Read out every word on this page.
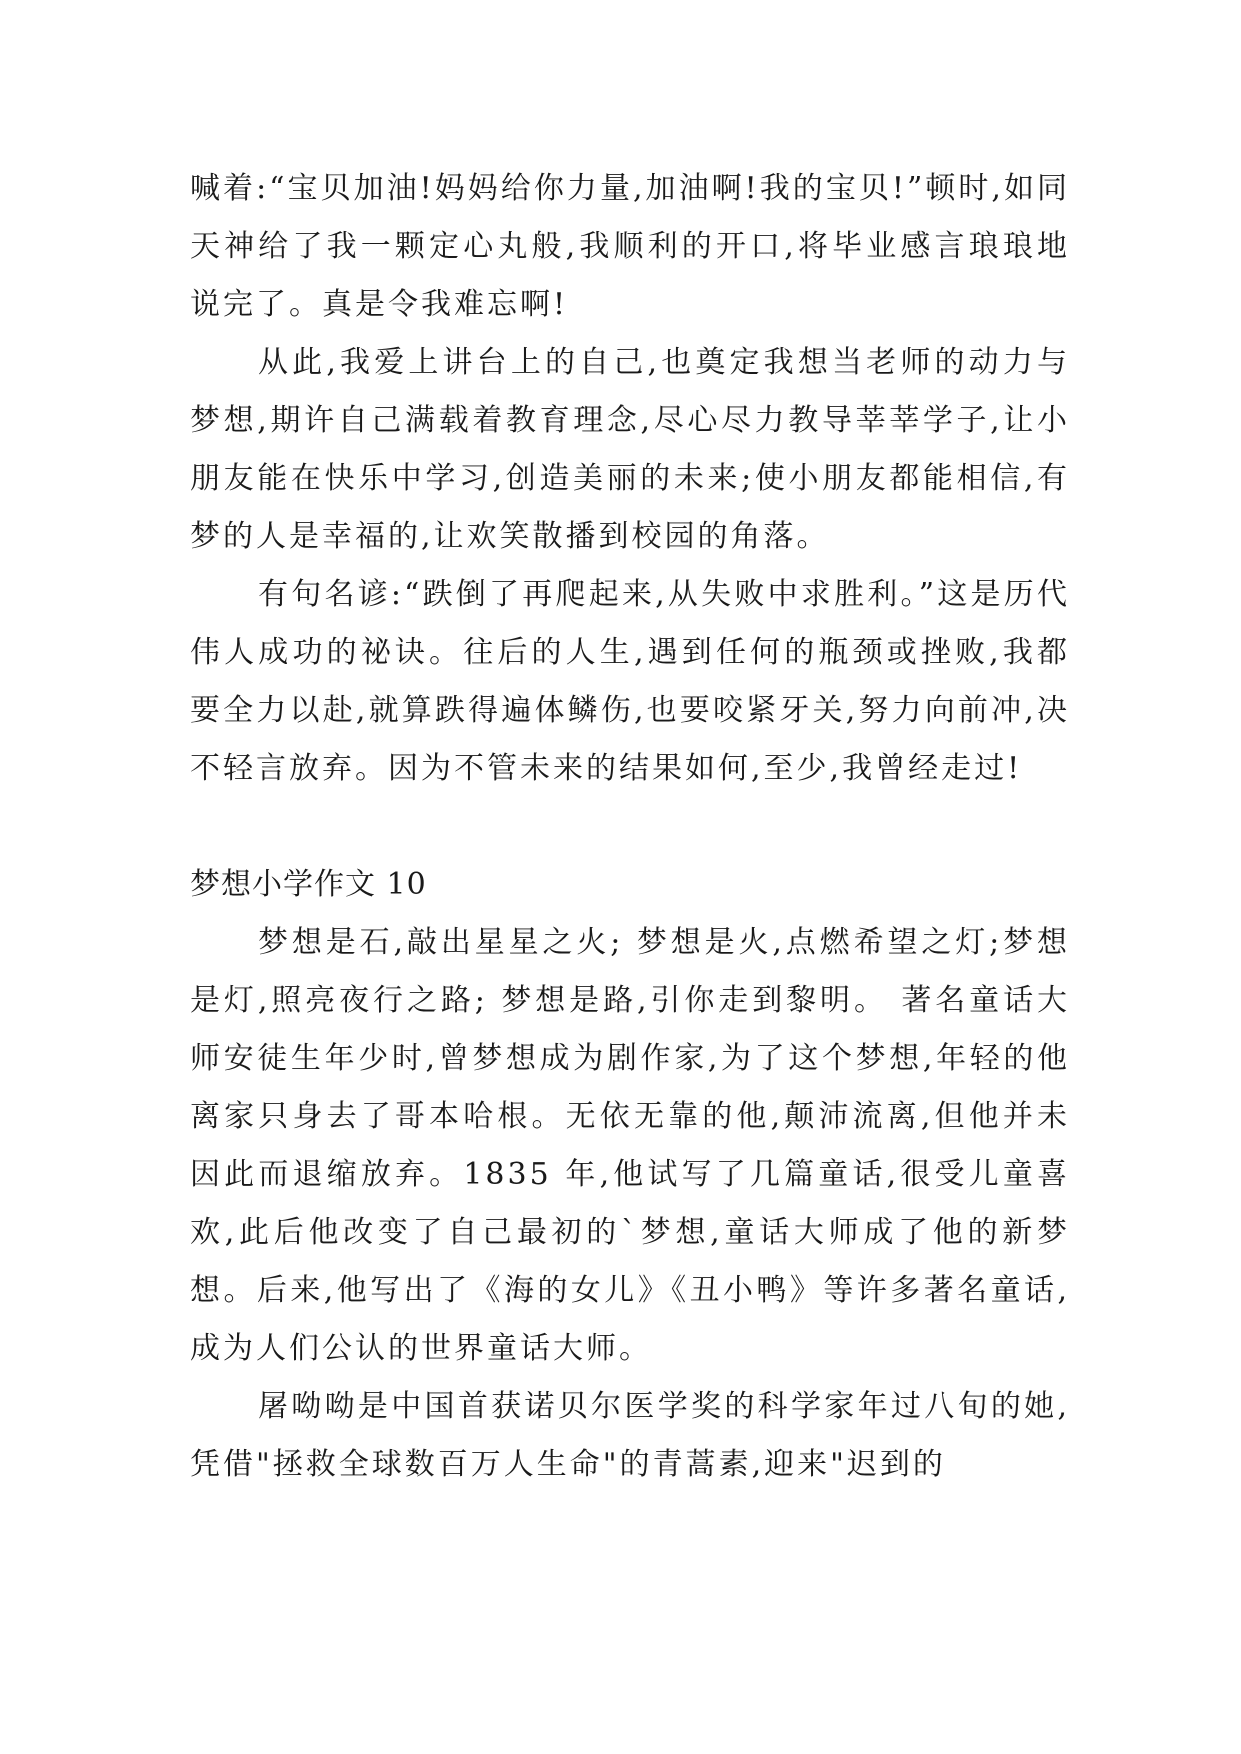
喊着:“宝贝加油!妈妈给你力量,加油啊!我的宝贝!”顿时,如同天神给了我一颗定心丸般,我顺利的开口,将毕业感言琅琅地说完了。真是令我难忘啊!

从此,我爱上讲台上的自己,也奠定我想当老师的动力与梦想,期许自己满载着教育理念,尽心尽力教导莘莘学子,让小朋友能在快乐中学习,创造美丽的未来;使小朋友都能相信,有梦的人是幸福的,让欢笑散播到校园的角落。

有句名谚:“跌倒了再爬起来,从失败中求胜利。”这是历代伟人成功的祕诀。往后的人生,遇到任何的瓶颈或挫败,我都要全力以赴,就算跌得遍体鳞伤,也要咬紧牙关,努力向前冲,决不轻言放弃。因为不管未来的结果如何,至少,我曾经走过!

梦想小学作文 10

梦想是石,敲出星星之火; 梦想是火,点燃希望之灯;梦想是灯,照亮夜行之路; 梦想是路,引你走到黎明。 著名童话大师安徒生年少时,曾梦想成为剧作家,为了这个梦想,年轻的他离家只身去了哥本哈根。无依无靠的他,颠沛流离,但他并未因此而退缩放弃。1835 年,他试写了几篇童话,很受儿童喜欢,此后他改变了自己最初的`梦想,童话大师成了他的新梦想。后来,他写出了《海的女儿》《丑小鸭》等许多著名童话,成为人们公认的世界童话大师。

屠呦呦是中国首获诺贝尔医学奖的科学家年过八旬的她,凭借"拯救全球数百万人生命"的青蒿素,迎来"迟到的
